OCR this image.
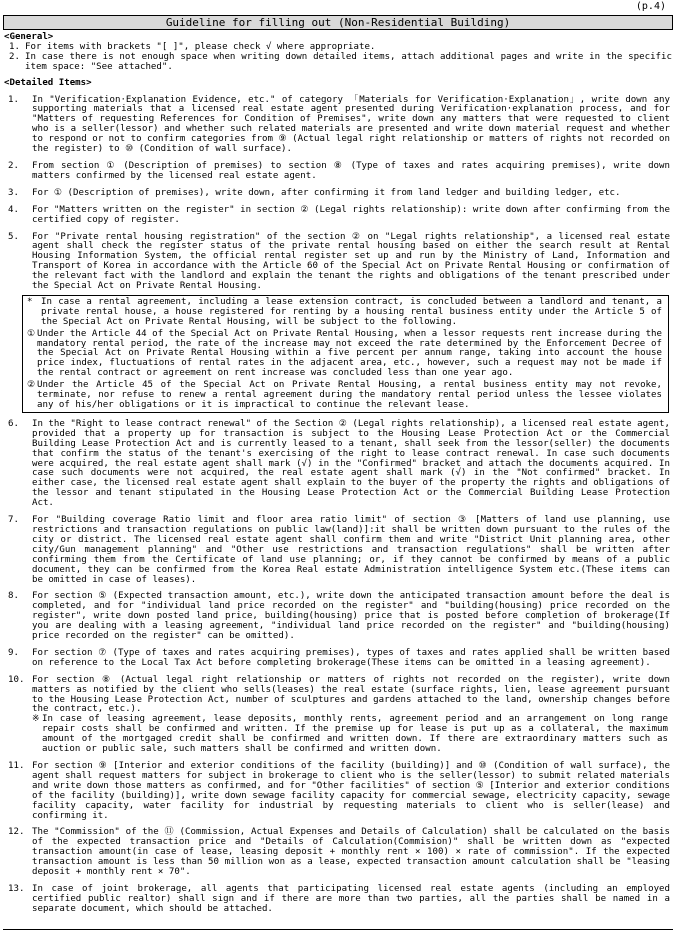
(p.4)
Guideline for filling out (Non-Residential Building)
<General>
1. For items with brackets "[ ]", please check √ where appropriate.
2. In case there is not enough space when writing down detailed items, attach additional pages and write in the specific item space: "See attached".
<Detailed Items>
1.	In "Verification·Explanation Evidence, etc." of category 「Materials for Verification·Explanation」, write down any supporting materials that a licensed real estate agent presented during Verification·explanation process, and for "Matters of requesting References for Condition of Premises", write down any matters that were requested to client who is a seller(lessor) and whether such related materials are presented and write down material request and whether to respond or not to confirm categories from ⑨ (Actual legal right relationship or matters of rights not recorded on the register) to ⑩ (Condition of wall surface).
2.	From section ① (Description of premises) to section ⑧ (Type of taxes and rates acquiring premises), write down matters confirmed by the licensed real estate agent.
3.	For ① (Description of premises), write down, after confirming it from land ledger and building ledger, etc.
4.	For "Matters written on the register" in section ② (Legal rights relationship): write down after confirming from the certified copy of register.
5.	For "Private rental housing registration" of the section ② on "Legal rights relationship", a licensed real estate agent shall check the register status of the private rental housing based on either the search result at Rental Housing Information System, the official rental register set up and run by the Ministry of Land, Information and Transport of Korea in accordance with the Article 60 of the Special Act on Private Rental Housing or confirmation of the relevant fact with the landlord and explain the tenant the rights and obligations of the tenant prescribed under the Special Act on Private Rental Housing.
* In case a rental agreement, including a lease extension contract, is concluded between a landlord and tenant, a private rental house, a house registered for renting by a housing rental business entity under the Article 5 of the Special Act on Private Rental Housing, will be subject to the following.
① Under the Article 44 of the Special Act on Private Rental Housing, when a lessor requests rent increase during the mandatory rental period, the rate of the increase may not exceed the rate determined by the Enforcement Decree of the Special Act on Private Rental Housing within a five percent per annum range, taking into account the house price index, fluctuations of rental rates in the adjacent area, etc., however, such a request may not be made if the rental contract or agreement on rent increase was concluded less than one year ago.
② Under the Article 45 of the Special Act on Private Rental Housing, a rental business entity may not revoke, terminate, nor refuse to renew a rental agreement during the mandatory rental period unless the lessee violates any of his/her obligations or it is impractical to continue the relevant lease.
6.	In the "Right to lease contract renewal" of the Section ② (Legal rights relationship), a licensed real estate agent, provided that a property up for transaction is subject to the Housing Lease Protection Act or the Commercial Building Lease Protection Act and is currently leased to a tenant, shall seek from the lessor(seller) the documents that confirm the status of the tenant's exercising of the right to lease contract renewal. In case such documents were acquired, the real estate agent shall mark (√) in the "Confirmed" bracket and attach the documents acquired. In case such documents were not acquired, the real estate agent shall mark (√) in the "Not confirmed" bracket. In either case, the licensed real estate agent shall explain to the buyer of the property the rights and obligations of the lessor and tenant stipulated in the Housing Lease Protection Act or the Commercial Building Lease Protection Act.
7.	For "Building coverage Ratio limit and floor area ratio limit" of section ③ [Matters of land use planning, use restrictions and transaction regulations on public law(land)]:it shall be written down pursuant to the rules of the city or district. The licensed real estate agent shall confirm them and write "District Unit planning area, other city/Gun management planning" and "Other use restrictions and transaction regulations" shall be written after confirming them from the Certificate of land use planning; or, if they cannot be confirmed by means of a public document, they can be confirmed from the Korea Real estate Administration intelligence System etc.(These items can be omitted in case of leases).
8.	For section ⑤ (Expected transaction amount, etc.), write down the anticipated transaction amount before the deal is completed, and for "individual land price recorded on the register" and "building(housing) price recorded on the register", write down posted land price, building(housing) price that is posted before completion of brokerage(If you are dealing with a leasing agreement, "individual land price recorded on the register" and "building(housing) price recorded on the register" can be omitted).
9.	For section ⑦ (Type of taxes and rates acquiring premises), types of taxes and rates applied shall be written based on reference to the Local Tax Act before completing brokerage(These items can be omitted in a leasing agreement).
10. For section ⑧ (Actual legal right relationship or matters of rights not recorded on the register), write down matters as notified by the client who sells(leases) the real estate (surface rights, lien, lease agreement pursuant to the Housing Lease Protection Act, number of sculptures and gardens attached to the land, ownership changes before the contract, etc.).
※ In case of leasing agreement, lease deposits, monthly rents, agreement period and an arrangement on long range repair costs shall be confirmed and written. If the premise up for lease is put up as a collateral, the maximum amount of the mortgaged credit shall be confirmed and written down. If there are extraordinary matters such as auction or public sale, such matters shall be confirmed and written down.
11. For section ⑨ [Interior and exterior conditions of the facility (building)] and ⑩ (Condition of wall surface), the agent shall request matters for subject in brokerage to client who is the seller(lessor) to submit related materials and write down those matters as confirmed, and for "Other facilities" of section ⑤ [Interior and exterior conditions of the facility (building)], write down sewage facility capacity for commercial sewage, electricity capacity, sewage facility capacity, water facility for industrial by requesting materials to client who is seller(lease) and confirming it.
12. The "Commission" of the ⑪ (Commission, Actual Expenses and Details of Calculation) shall be calculated on the basis of the expected transaction price and "Details of Calculation(Commision)" shall be written down as "expected transaction amount(in case of lease, leasing deposit + monthly rent × 100) × rate of commission". If the expected transaction amount is less than 50 million won as a lease, expected transaction amount calculation shall be "leasing deposit + monthly rent × 70".
13. In case of joint brokerage, all agents that participating licensed real estate agents (including an employed certified public realtor) shall sign and if there are more than two parties, all the parties shall be named in a separate document, which should be attached.
